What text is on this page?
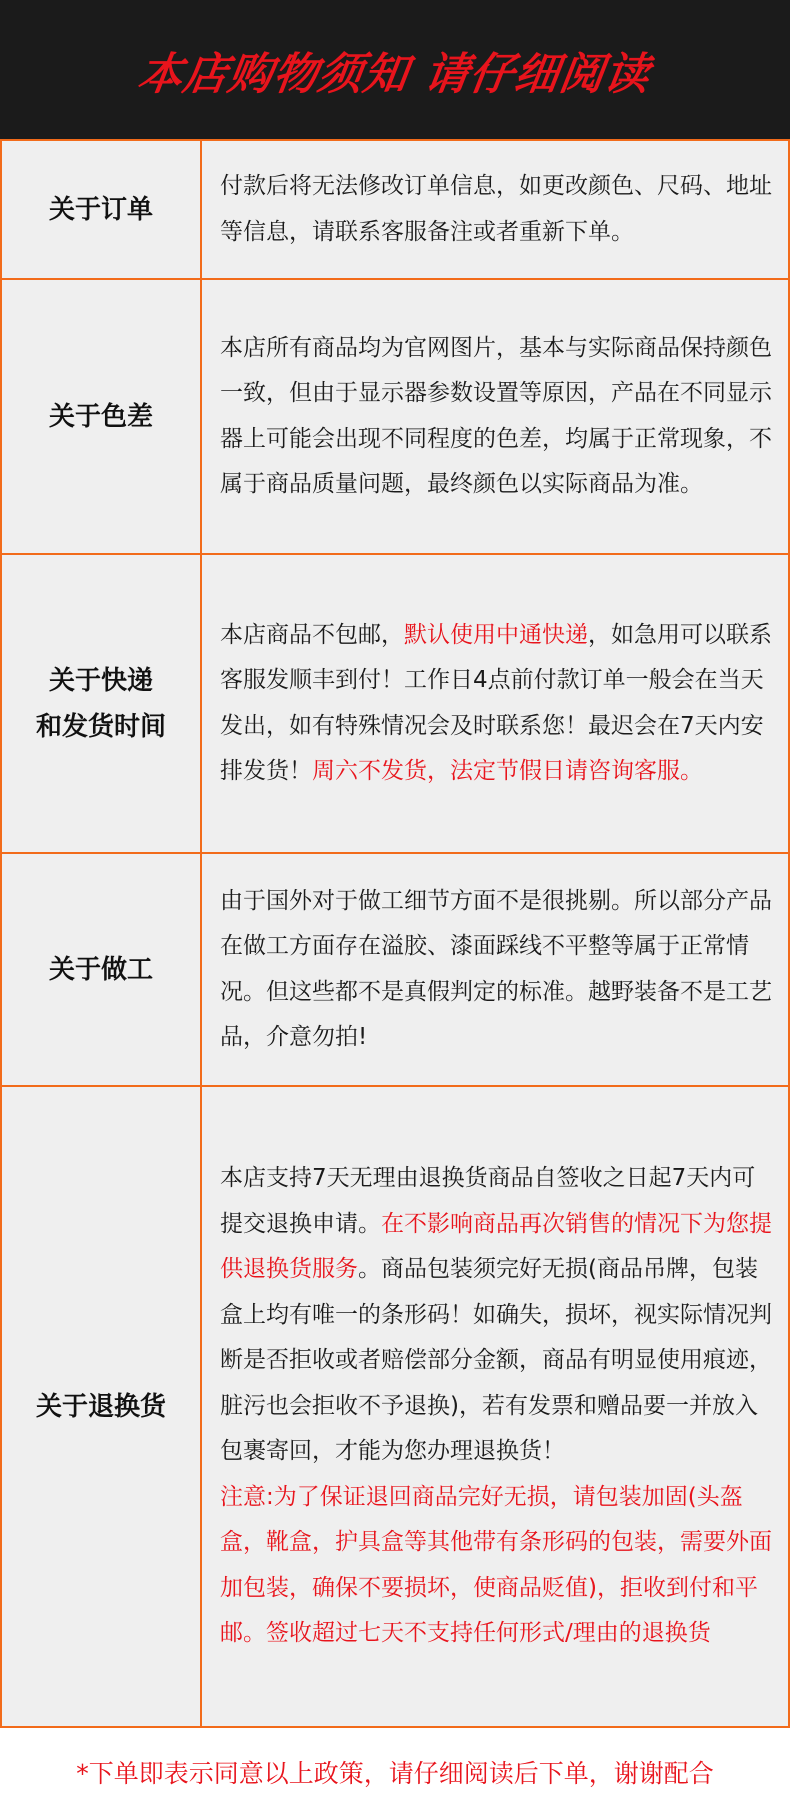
本店购物须知 请仔细阅读
关于订单	付款后将无法修改订单信息，如更改颜色、尺码、地址等信息，请联系客服备注或者重新下单。
关于色差	本店所有商品均为官网图片，基本与实际商品保持颜色一致，但由于显示器参数设置等原因，产品在不同显示器上可能会出现不同程度的色差，均属于正常现象，不属于商品质量问题，最终颜色以实际商品为准。
关于快递
和发货时间	本店商品不包邮，默认使用中通快递，如急用可以联系客服发顺丰到付！工作日4点前付款订单一般会在当天发出，如有特殊情况会及时联系您！最迟会在7天内安排发货！周六不发货，法定节假日请咨询客服。
关于做工	由于国外对于做工细节方面不是很挑剔。所以部分产品在做工方面存在溢胶、漆面踩线不平整等属于正常情况。但这些都不是真假判定的标准。越野装备不是工艺品，介意勿拍!
关于退换货	本店支持7天无理由退换货商品自签收之日起7天内可提交退换申请。在不影响商品再次销售的情况下为您提供退换货服务。商品包装须完好无损(商品吊牌，包装盒上均有唯一的条形码！如确失，损坏，视实际情况判断是否拒收或者赔偿部分金额，商品有明显使用痕迹，脏污也会拒收不予退换)，若有发票和赠品要一并放入包裹寄回，才能为您办理退换货！
注意:为了保证退回商品完好无损，请包装加固(头盔盒，靴盒，护具盒等其他带有条形码的包装，需要外面加包装，确保不要损坏，使商品贬值)，拒收到付和平邮。签收超过七天不支持任何形式/理由的退换货
*下单即表示同意以上政策，请仔细阅读后下单，谢谢配合
